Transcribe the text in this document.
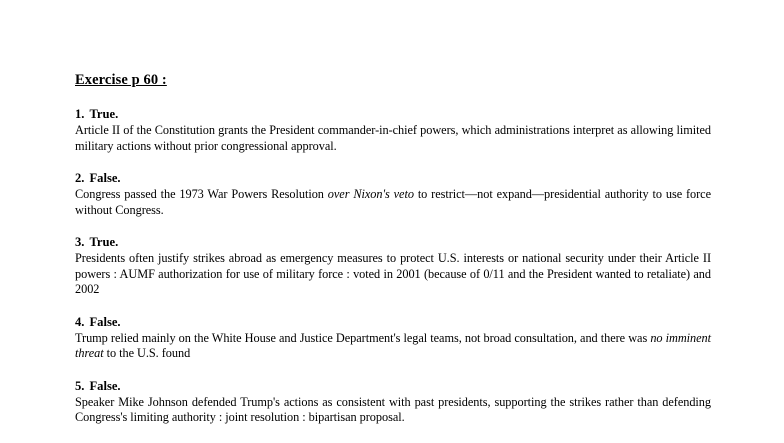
Exercise p 60 :
1. True.

Article II of the Constitution grants the President commander-in-chief powers, which administrations interpret as allowing limited military actions without prior congressional approval.

2. False.

Congress passed the 1973 War Powers Resolution over Nixon's veto to restrict—not expand—presidential authority to use force without Congress.

3. True.

Presidents often justify strikes abroad as emergency measures to protect U.S. interests or national security under their Article II powers : AUMF authorization for use of military force : voted in 2001 (because of 0/11 and the President wanted to retaliate) and 2002

4. False.

Trump relied mainly on the White House and Justice Department's legal teams, not broad consultation, and there was no imminent threat to the U.S. found

5. False.

Speaker Mike Johnson defended Trump's actions as consistent with past presidents, supporting the strikes rather than defending Congress's limiting authority : joint resolution : bipartisan proposal.
